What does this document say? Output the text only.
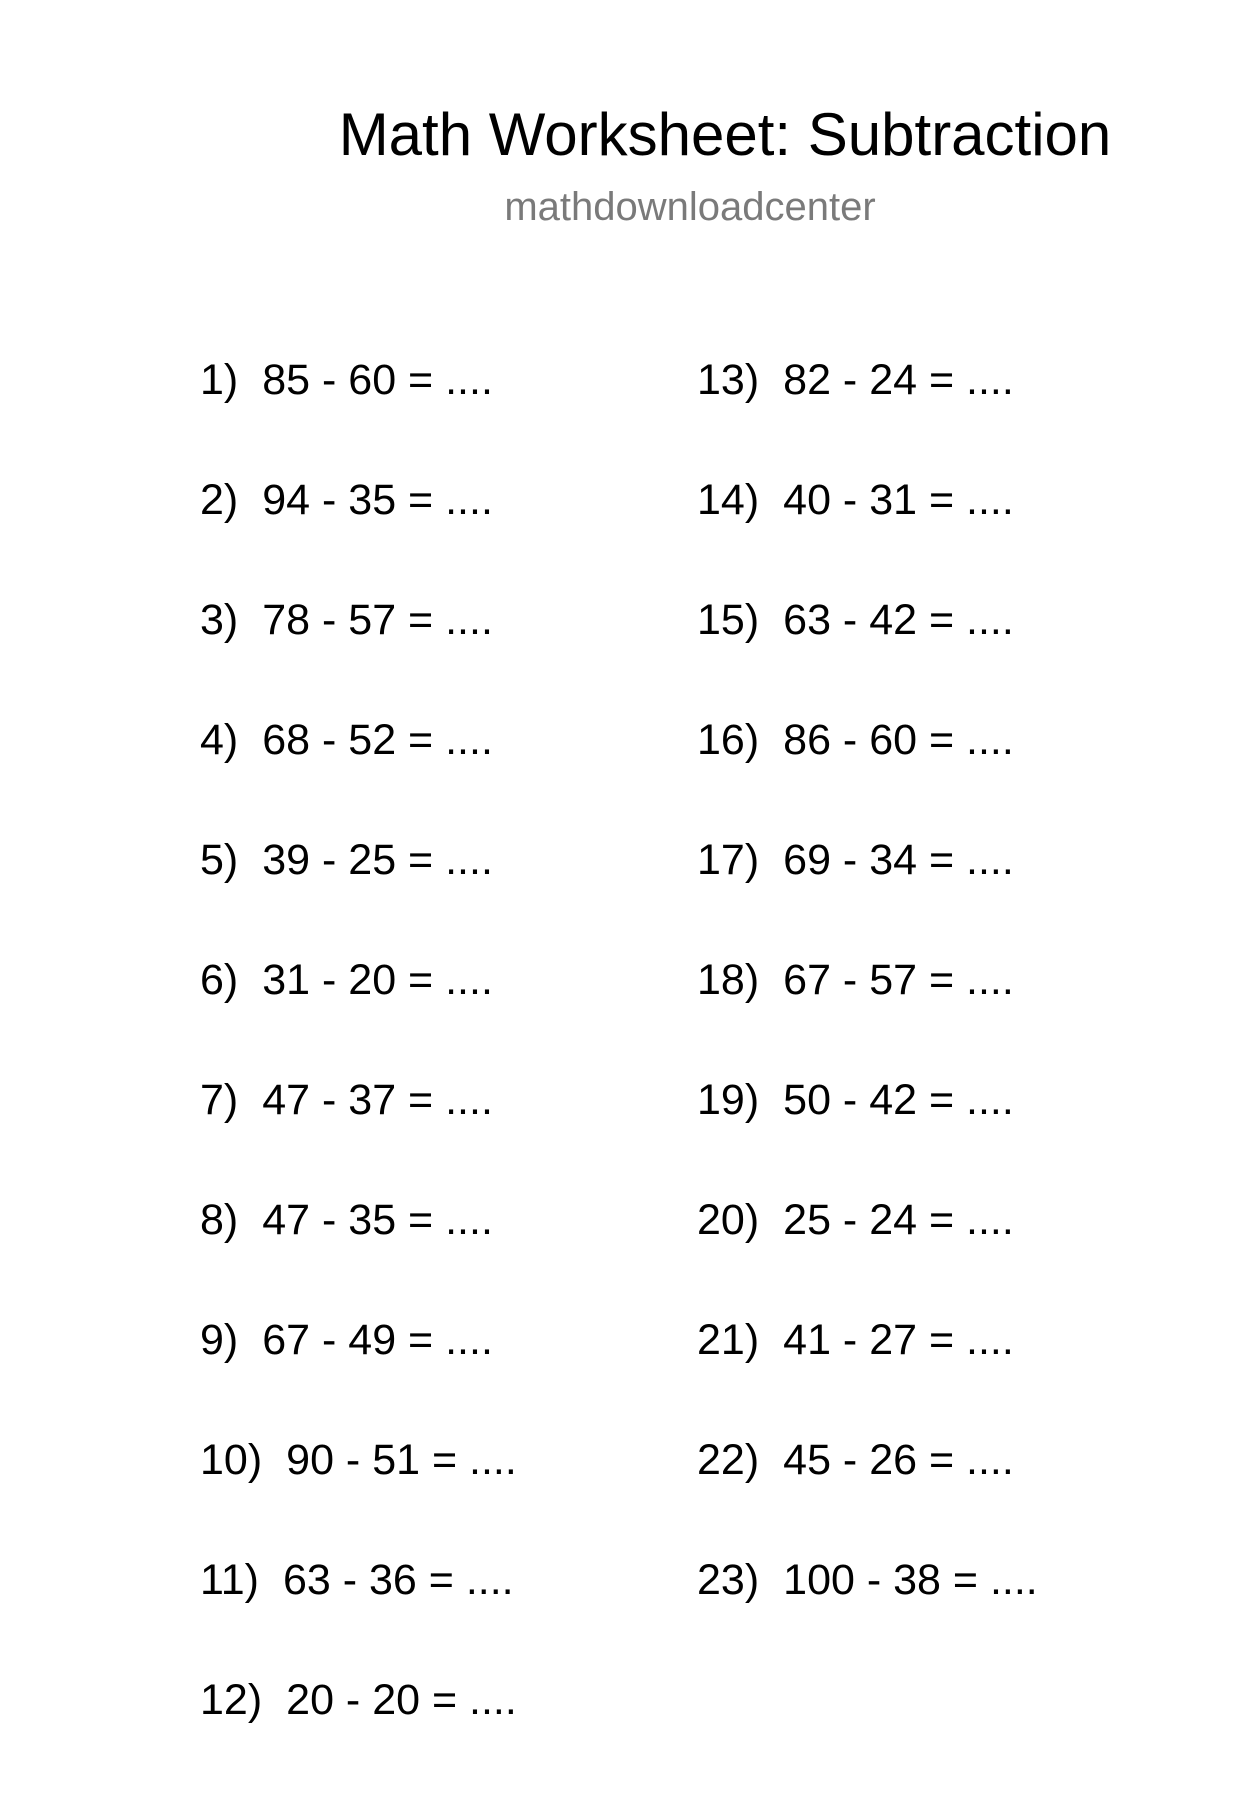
Math Worksheet: Subtraction
mathdownloadcenter
1) 85 - 60 = ....
2) 94 - 35 = ....
3) 78 - 57 = ....
4) 68 - 52 = ....
5) 39 - 25 = ....
6) 31 - 20 = ....
7) 47 - 37 = ....
8) 47 - 35 = ....
9) 67 - 49 = ....
10) 90 - 51 = ....
11) 63 - 36 = ....
12) 20 - 20 = ....
13) 82 - 24 = ....
14) 40 - 31 = ....
15) 63 - 42 = ....
16) 86 - 60 = ....
17) 69 - 34 = ....
18) 67 - 57 = ....
19) 50 - 42 = ....
20) 25 - 24 = ....
21) 41 - 27 = ....
22) 45 - 26 = ....
23) 100 - 38 = ....
